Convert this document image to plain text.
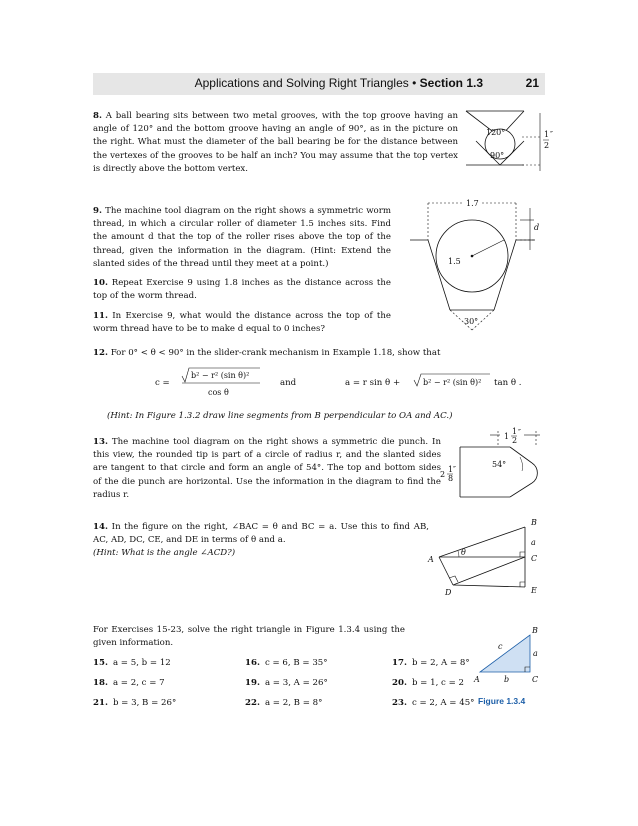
Applications and Solving Right Triangles • Section 1.3	21
8. A ball bearing sits between two metal grooves, with the top groove having an angle of 120° and the bottom groove having an angle of 90°, as in the picture on the right. What must the diameter of the ball bearing be for the distance between the vertexes of the grooves to be half an inch? You may assume that the top vertex is directly above the bottom vertex.
120°
90°
1
2
″
9. The machine tool diagram on the right shows a symmetric worm thread, in which a circular roller of diameter 1.5 inches sits. Find the amount d that the top of the roller rises above the top of the thread, given the information in the diagram. (Hint: Extend the slanted sides of the thread until they meet at a point.)
1.7
1.5
d
30°
10. Repeat Exercise 9 using 1.8 inches as the distance across the top of the worm thread.
11. In Exercise 9, what would the distance across the top of the worm thread have to be to make d equal to 0 inches?
12. For 0° < θ < 90° in the slider-crank mechanism in Example 1.18, show that
c =
b² − r² (sin θ)²
cos θ
and	a = r sin θ +	b² − r² (sin θ)² tan θ .
(Hint: In Figure 1.3.2 draw line segments from B perpendicular to OA and AC.)
13. The machine tool diagram on the right shows a symmetric die punch. In this view, the rounded tip is part of a circle of radius r, and the slanted sides are tangent to that circle and form an angle of 54°. The top and bottom sides of the die punch are horizontal. Use the information in the diagram to find the radius r.
1
1
2
″
54°
2
1
8
″
14. In the figure on the right, ∠BAC = θ and BC = a. Use this to find AB, AC, AD, DC, CE, and DE in terms of θ and a.
(Hint: What is the angle ∠ACD?)	θ
A
B
a
C
D	E
For Exercises 15-23, solve the right triangle in Figure 1.3.4 using the given information.
15. a = 5, b = 12	16. c = 6, B = 35°	17. b = 2, A = 8°
18. a = 2, c = 7	19. a = 3, A = 26°	20. b = 1, c = 2
21. b = 3, B = 26°	22. a = 2, B = 8°	23. c = 2, A = 45°
B
a
c
A	b	C
Figure 1.3.4
